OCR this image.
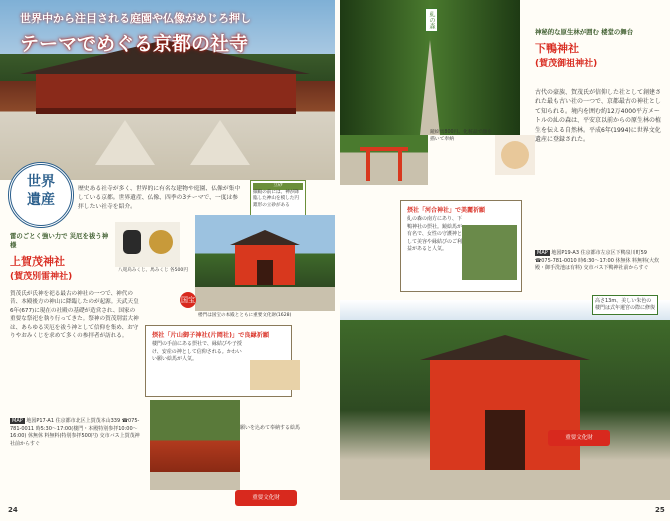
世界中から注目される庭園や仏像がめじろ押し
テーマでめぐる京都の社寺
立砂
細殿の前には、神が降臨した神山を模した円錐形の立砂がある
世界遺産
歴史ある社寺が多く、世界的に有名な建物や庭園、仏像が集中している京都。世界遺産、仏像、四季の3テーマで、一度は参拝したい社寺を紹介。
雷のごとく強い力で 災厄を祓う神様
上賀茂神社
(賀茂別雷神社)
八咫烏みくじ、馬みくじ 各500円
国宝
楼門は国宝の本殿とともに重要文化財(1628)
賀茂氏が氏神を祀る最古の神社の一つで、神代の昔、本殿後方の神山に降臨したのが起源。天武天皇6年(677)に現在の社殿の基礎が造営され、国家の重要な祭祀を執り行ってきた。祭神の賀茂別雷大神は、あらゆる災厄を祓う神として信仰を集め、お守りやおみくじを求めて多くの参拝者が訪れる。	摂社「片山御子神社(片岡社)」で良縁祈願
楼門の手前にある摂社で、縁結びや子授け、安産の神として信仰される。かわいい願い絵馬が人気。
願いを込めて奉納する絵馬
MAP 地図P17-A1 住京都市北区上賀茂本山339 ☎075-781-0011 時5:30～17:00(楼門・本殿特別参拝10:00～16:00) 休無休 料無料(特別参拝500円) 交市バス上賀茂神社前からすぐ
重要文化財
24
糺の森
神秘的な原生林が囲む 楼堂の舞台
下鴨神社
(賀茂御祖神社)
古代の豪族、賀茂氏が信仰した社として創建された最も古い社の一つで、京都最古の神社として知られる。境内を囲む約12万4000平方メートルの糺の森は、平安京以前からの原生林の植生を伝える自然林。平成6年(1994)に世界文化遺産に登録された。
鏡絵馬800円。化粧品で顔を描いて奉納
摂社「河合神社」で美麗祈願
糺の森の南方にあり、下鴨神社の摂社。鏡絵馬が有名で、女性の守護神として美容や縁結びのご利益があると人気。
MAP 地図P19-A3 住京都市左京区下鴨泉川町59 ☎075-781-0010 時6:30～17:00 休無休 料無料(大炊殿・御手洗池は有料) 交市バス下鴨神社前からすぐ
高さ13m、美しい朱色の楼門は式年遷宮の際に修復
重要文化財
25
